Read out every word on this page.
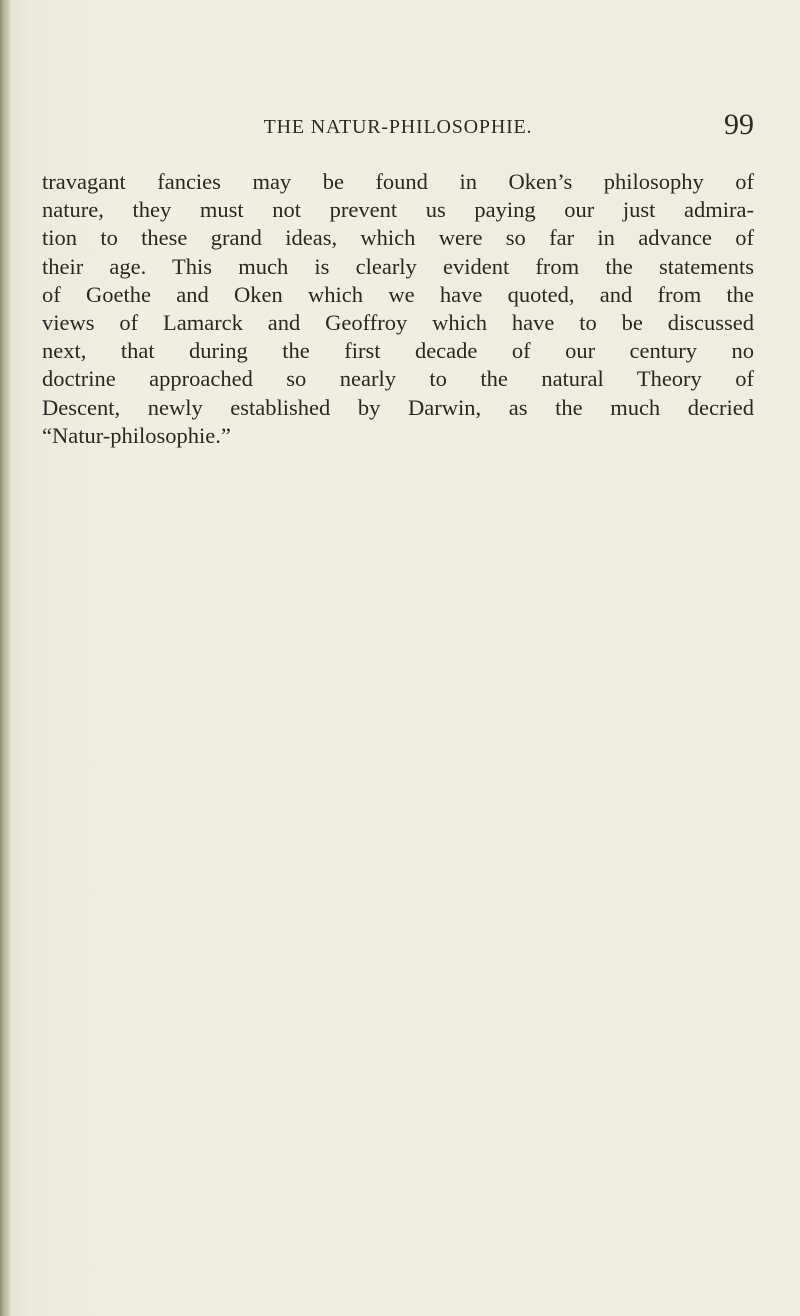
THE NATUR-PHILOSOPHIE.	99
travagant fancies may be found in Oken’s philosophy of
nature, they must not prevent us paying our just admira-
tion to these grand ideas, which were so far in advance of
their age. This much is clearly evident from the statements
of Goethe and Oken which we have quoted, and from the
views of Lamarck and Geoffroy which have to be discussed
next, that during the first decade of our century no
doctrine approached so nearly to the natural Theory of
Descent, newly established by Darwin, as the much decried
“Natur-philosophie.”
